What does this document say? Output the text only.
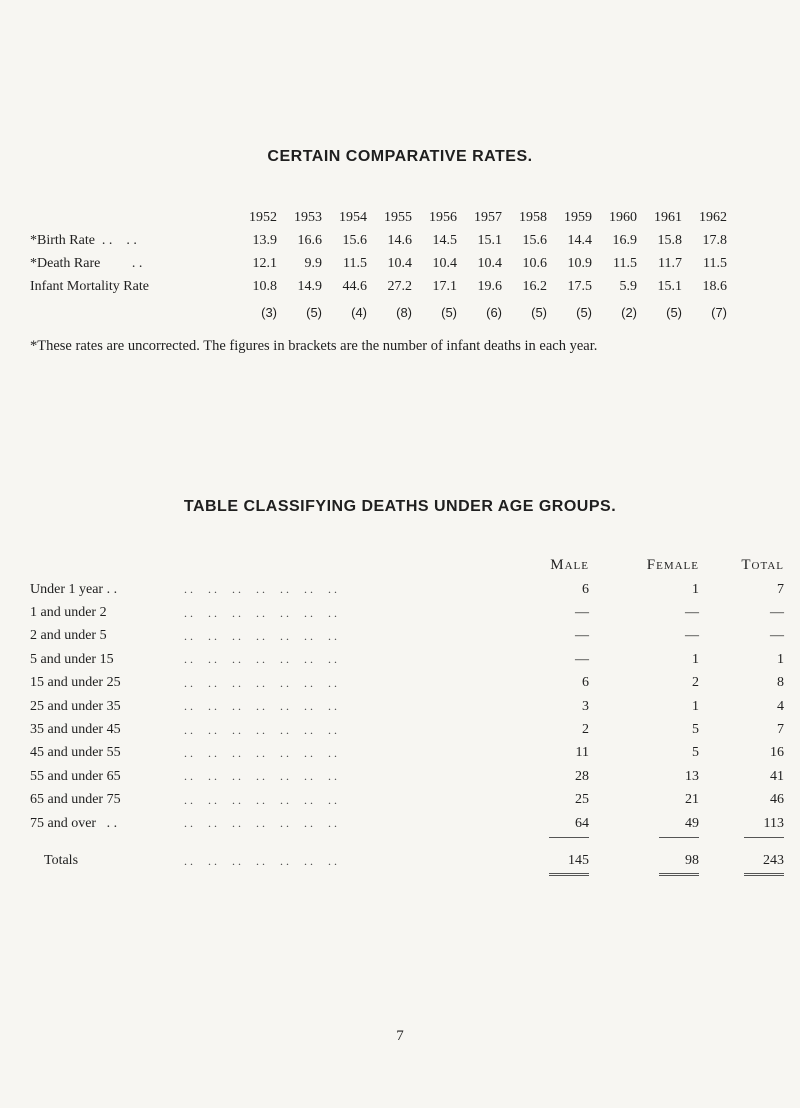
CERTAIN COMPARATIVE RATES.
	1952	1953	1954	1955	1956	1957	1958	1959	1960	1961	1962
*Birth Rate  . .    . .	13.9	16.6	15.6	14.6	14.5	15.1	15.6	14.4	16.9	15.8	17.8
*Death Rare         . .	12.1	9.9	11.5	10.4	10.4	10.4	10.6	10.9	11.5	11.7	11.5
Infant Mortality Rate	10.8	14.9	44.6	27.2	17.1	19.6	16.2	17.5	5.9	15.1	18.6
	(3)	(5)	(4)	(8)	(5)	(6)	(5)	(5)	(2)	(5)	(7)
*These rates are uncorrected. The figures in brackets are the number of infant deaths in each year.
TABLE CLASSIFYING DEATHS UNDER AGE GROUPS.
		Male	Female	Total
Under 1 year . .	. .     . .     . .     . .     . .     . .     . .	6	1	7
1 and under 2	. .     . .     . .     . .     . .     . .     . .	—	—	—
2 and under 5	. .     . .     . .     . .     . .     . .     . .	—	—	—
5 and under 15	. .     . .     . .     . .     . .     . .     . .	—	1	1
15 and under 25	. .     . .     . .     . .     . .     . .     . .	6	2	8
25 and under 35	. .     . .     . .     . .     . .     . .     . .	3	1	4
35 and under 45	. .     . .     . .     . .     . .     . .     . .	2	5	7
45 and under 55	. .     . .     . .     . .     . .     . .     . .	11	5	16
55 and under 65	. .     . .     . .     . .     . .     . .     . .	28	13	41
65 and under 75	. .     . .     . .     . .     . .     . .     . .	25	21	46
75 and over   . .	. .     . .     . .     . .     . .     . .     . .	64	49	113
Totals	. .     . .     . .     . .     . .     . .     . .	145	98	243
7
